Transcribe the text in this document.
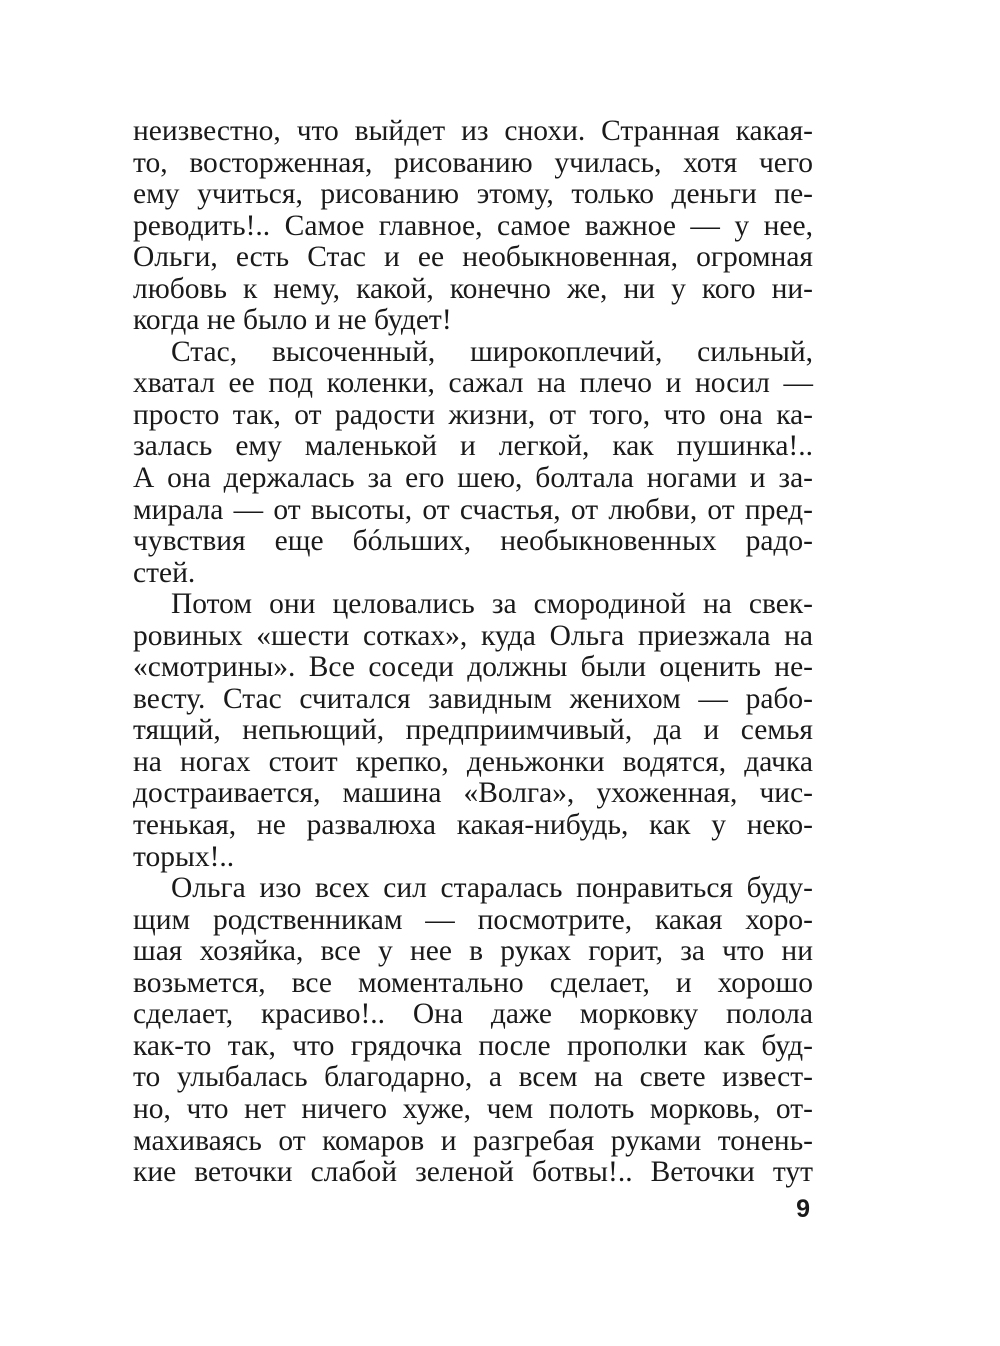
неизвестно, что выйдет из снохи. Странная какая-
то, восторженная, рисованию училась, хотя чего
ему учиться, рисованию этому, только деньги пе-
реводить!.. Самое главное, самое важное — у нее,
Ольги, есть Стас и ее необыкновенная, огромная
любовь к нему, какой, конечно же, ни у кого ни-
когда не было и не будет!
Стас, высоченный, широкоплечий, сильный,
хватал ее под коленки, сажал на плечо и носил —
просто так, от радости жизни, от того, что она ка-
залась ему маленькой и легкой, как пушинка!..
А она держалась за его шею, болтала ногами и за-
мирала — от высоты, от счастья, от любви, от пред-
чувствия еще бóльших, необыкновенных радо-
стей.
Потом они целовались за смородиной на свек-
ровиных «шести сотках», куда Ольга приезжала на
«смотрины». Все соседи должны были оценить не-
весту. Стас считался завидным женихом — рабо-
тящий, непьющий, предприимчивый, да и семья
на ногах стоит крепко, деньжонки водятся, дачка
достраивается, машина «Волга», ухоженная, чис-
тенькая, не развалюха какая-нибудь, как у неко-
торых!..
Ольга изо всех сил старалась понравиться буду-
щим родственникам — посмотрите, какая хоро-
шая хозяйка, все у нее в руках горит, за что ни
возьмется, все моментально сделает, и хорошо
сделает, красиво!.. Она даже морковку полола
как-то так, что грядочка после прополки как буд-
то улыбалась благодарно, а всем на свете извест-
но, что нет ничего хуже, чем полоть морковь, от-
махиваясь от комаров и разгребая руками тонень-
кие веточки слабой зеленой ботвы!.. Веточки тут
9
